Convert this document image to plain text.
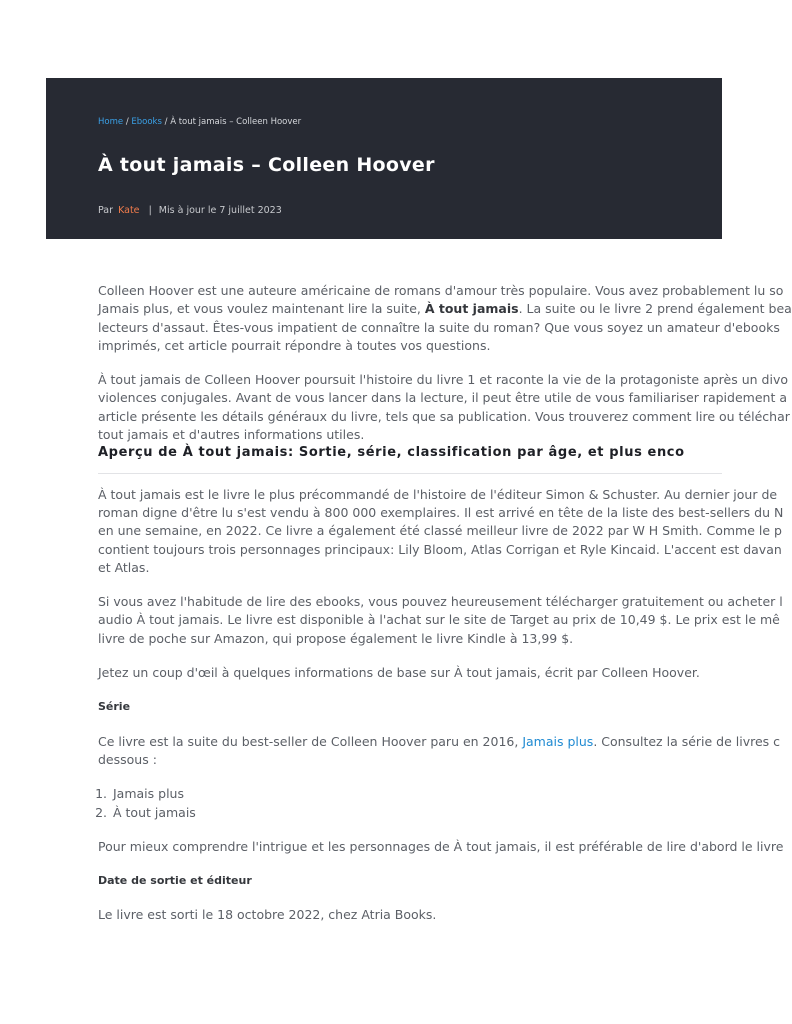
Home / Ebooks / À tout jamais – Colleen Hoover
À tout jamais – Colleen Hoover
Par Kate | Mis à jour le 7 juillet 2023

Colleen Hoover est une auteure américaine de romans d'amour très populaire. Vous avez probablement lu so
Jamais plus, et vous voulez maintenant lire la suite, À tout jamais. La suite ou le livre 2 prend également bea
lecteurs d'assaut. Êtes-vous impatient de connaître la suite du roman? Que vous soyez un amateur d'ebooks
imprimés, cet article pourrait répondre à toutes vos questions.

À tout jamais de Colleen Hoover poursuit l'histoire du livre 1 et raconte la vie de la protagoniste après un divo
violences conjugales. Avant de vous lancer dans la lecture, il peut être utile de vous familiariser rapidement a
article présente les détails généraux du livre, tels que sa publication. Vous trouverez comment lire ou téléchar
tout jamais et d'autres informations utiles.

Aperçu de À tout jamais: Sortie, série, classification par âge, et plus enco

À tout jamais est le livre le plus précommandé de l'histoire de l'éditeur Simon & Schuster. Au dernier jour de
roman digne d'être lu s'est vendu à 800 000 exemplaires. Il est arrivé en tête de la liste des best-sellers du N
en une semaine, en 2022. Ce livre a également été classé meilleur livre de 2022 par W H Smith. Comme le p
contient toujours trois personnages principaux: Lily Bloom, Atlas Corrigan et Ryle Kincaid. L'accent est davan
et Atlas.

Si vous avez l'habitude de lire des ebooks, vous pouvez heureusement télécharger gratuitement ou acheter l
audio À tout jamais. Le livre est disponible à l'achat sur le site de Target au prix de 10,49 $. Le prix est le mê
livre de poche sur Amazon, qui propose également le livre Kindle à 13,99 $.

Jetez un coup d'œil à quelques informations de base sur À tout jamais, écrit par Colleen Hoover.

Série

Ce livre est la suite du best-seller de Colleen Hoover paru en 2016, Jamais plus. Consultez la série de livres c
dessous :

1. Jamais plus
2. À tout jamais

Pour mieux comprendre l'intrigue et les personnages de À tout jamais, il est préférable de lire d'abord le livre

Date de sortie et éditeur

Le livre est sorti le 18 octobre 2022, chez Atria Books.
